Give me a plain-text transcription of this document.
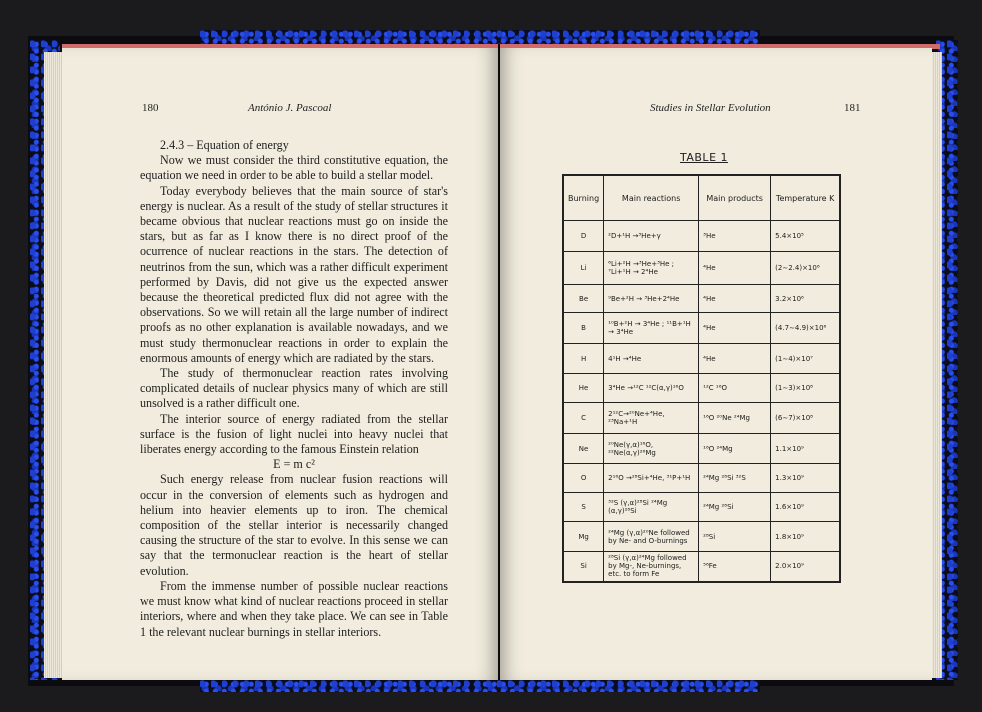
180	António J. Pascoal

2.4.3 – Equation of energy

Now we must consider the third constitutive equation, the equation we need in order to be able to build a stellar model.

Today everybody believes that the main source of star's energy is nuclear. As a result of the study of stellar structures it became obvious that nuclear reactions must go on inside the stars, but as far as I know there is no direct proof of the ocurrence of nuclear reactions in the stars. The detection of neutrinos from the sun, which was a rather difficult experiment performed by Davis, did not give us the expected answer because the theoretical predicted flux did not agree with the observations. So we will retain all the large number of indirect proofs as no other explanation is available nowadays, and we must study thermonuclear reactions in order to explain the enormous amounts of energy which are radiated by the stars.

The study of thermonuclear reaction rates involving complicated details of nuclear physics many of which are still unsolved is a rather difficult one.

The interior source of energy radiated from the stellar surface is the fusion of light nuclei into heavy nuclei that liberates energy according to the famous Einstein relation

E = m c²

Such energy release from nuclear fusion reactions will occur in the conversion of elements such as hydrogen and helium into heavier elements up to iron. The chemical composition of the stellar interior is necessarily changed causing the structure of the star to evolve. In this sense we can say that the termonuclear reaction is the heart of stellar evolution.

From the immense number of possible nuclear reactions we must know what kind of nuclear reactions proceed in stellar interiors, where and when they take place. We can see in Table 1 the relevant nuclear burnings in stellar interiors.

Studies in Stellar Evolution	181
TABLE 1
Burning	Main reactions	Main products	Temperature K
D	²D+¹H →³He+γ	³He	5.4×10⁵
Li	⁶Li+²H →³He+³He ; ⁷Li+¹H → 2⁴He	⁴He	(2∼2.4)×10⁶
Be	⁹Be+²H → ³He+2⁴He	⁴He	3.2×10⁶
B	¹⁰B+²H → 3⁴He ; ¹¹B+¹H → 3⁴He	⁴He	(4.7∼4.9)×10⁶
H	4¹H →⁴He	⁴He	(1∼4)×10⁷
He	3⁴He →¹²C ¹²C(α,γ)¹⁶O	¹²C ¹⁶O	(1∼3)×10⁸
C	2¹²C→²⁰Ne+⁴He, ²³Na+¹H	¹⁶O ²⁰Ne ²⁴Mg	(6∼7)×10⁸
Ne	²⁰Ne(γ,α)¹⁶O, ²²Ne(α,γ)²⁶Mg	¹⁶O ²⁴Mg	1.1×10⁹
O	2¹⁶O →²⁸Si+⁴He, ³¹P+¹H	²⁴Mg ²⁸Si ³²S	1.3×10⁹
S	³²S (γ,α)²⁸Si ²⁴Mg (α,γ)²⁸Si	²⁴Mg ²⁸Si	1.6×10⁹
Mg	²⁴Mg (γ,α)²⁰Ne followed by Ne- and O-burnings	²⁸Si	1.8×10⁹
Si	²⁸Si (γ,α)²⁴Mg followed by Mg-, Ne-burnings, etc. to form Fe	⁵⁶Fe	2.0×10⁹
